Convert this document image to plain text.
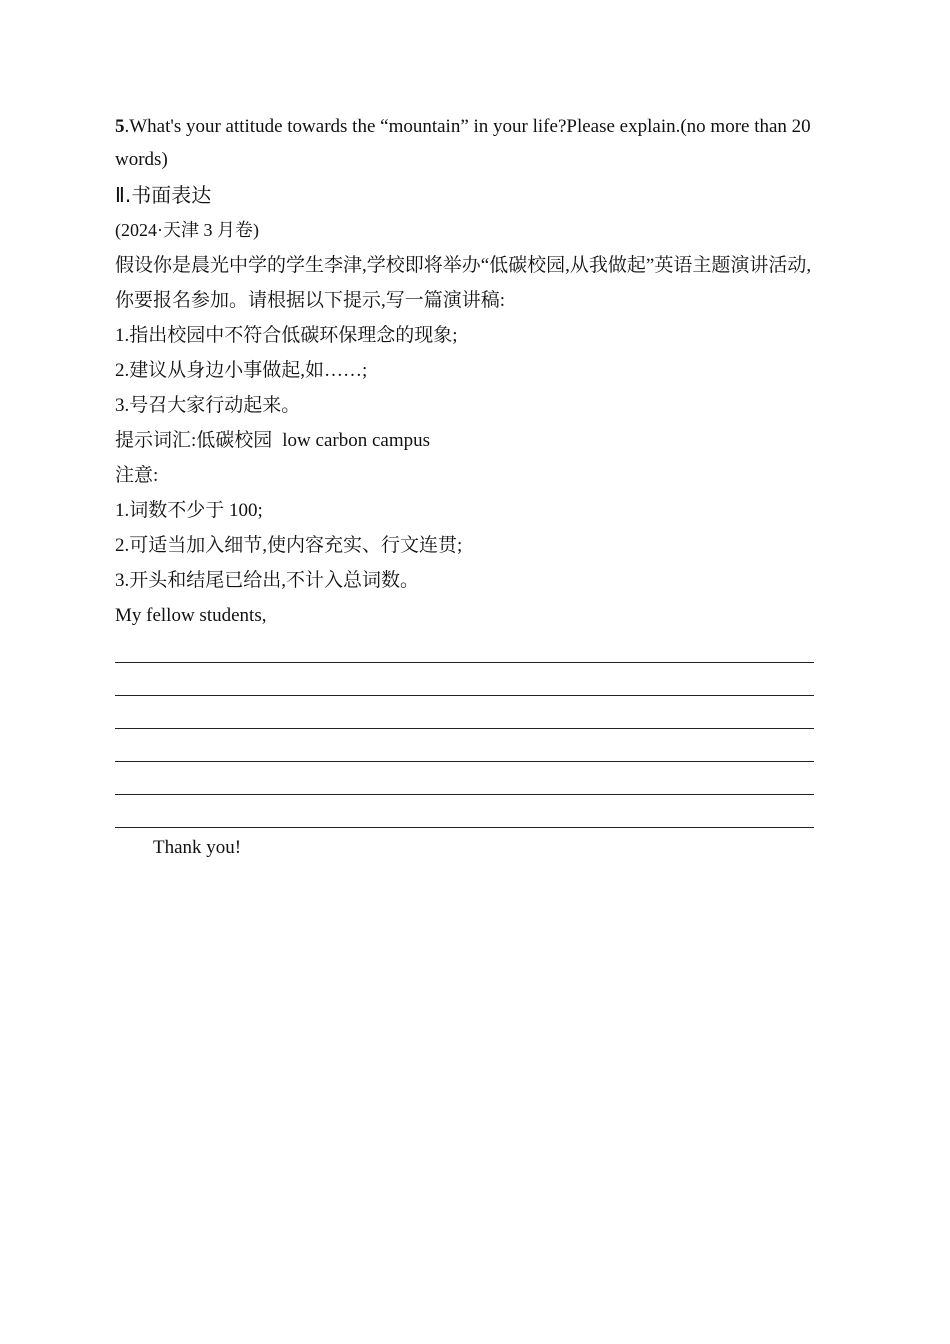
5.What's your attitude towards the “mountain” in your life?Please explain.(no more than 20 words)
Ⅱ.书面表达
(2024·天津 3 月卷)
假设你是晨光中学的学生李津,学校即将举办“低碳校园,从我做起”英语主题演讲活动,
你要报名参加。请根据以下提示,写一篇演讲稿:
1.指出校园中不符合低碳环保理念的现象;
2.建议从身边小事做起,如……;
3.号召大家行动起来。
提示词汇:低碳校园 low carbon campus
注意:
1.词数不少于 100;
2.可适当加入细节,使内容充实、行文连贯;
3.开头和结尾已给出,不计入总词数。
My fellow students,
Thank you!
